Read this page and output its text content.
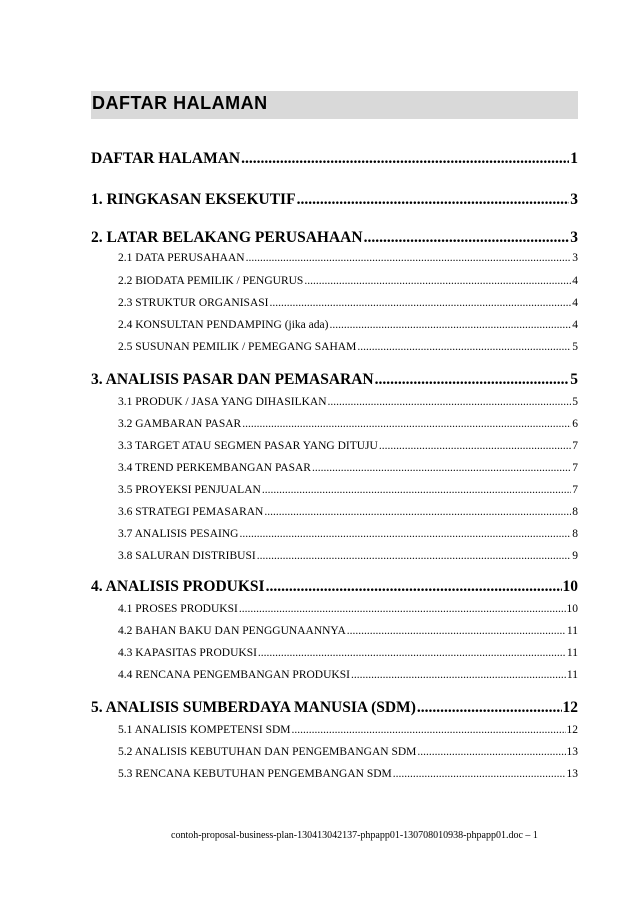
DAFTAR HALAMAN
DAFTAR HALAMAN .....	1
1. RINGKASAN EKSEKUTIF .....	3
2. LATAR BELAKANG PERUSAHAAN .....	3
2.1 DATA PERUSAHAAN .....	3
2.2 BIODATA PEMILIK / PENGURUS .....	4
2.3 STRUKTUR ORGANISASI .....	4
2.4 KONSULTAN PENDAMPING (jika ada) .....	4
2.5 SUSUNAN PEMILIK / PEMEGANG SAHAM .....	5
3. ANALISIS PASAR DAN PEMASARAN .....	5
3.1 PRODUK / JASA YANG DIHASILKAN .....	5
3.2 GAMBARAN PASAR .....	6
3.3 TARGET ATAU SEGMEN PASAR YANG DITUJU .....	7
3.4 TREND PERKEMBANGAN PASAR .....	7
3.5 PROYEKSI PENJUALAN .....	7
3.6 STRATEGI PEMASARAN .....	8
3.7 ANALISIS PESAING .....	8
3.8 SALURAN DISTRIBUSI .....	9
4. ANALISIS PRODUKSI .....	10
4.1 PROSES PRODUKSI .....	10
4.2 BAHAN BAKU DAN PENGGUNAANNYA .....	11
4.3 KAPASITAS PRODUKSI .....	11
4.4 RENCANA PENGEMBANGAN PRODUKSI .....	11
5. ANALISIS SUMBERDAYA MANUSIA (SDM) .....	12
5.1 ANALISIS KOMPETENSI SDM .....	12
5.2 ANALISIS KEBUTUHAN DAN PENGEMBANGAN SDM .....	13
5.3 RENCANA KEBUTUHAN PENGEMBANGAN SDM .....	13
contoh-proposal-business-plan-130413042137-phpapp01-130708010938-phpapp01.doc – 1
